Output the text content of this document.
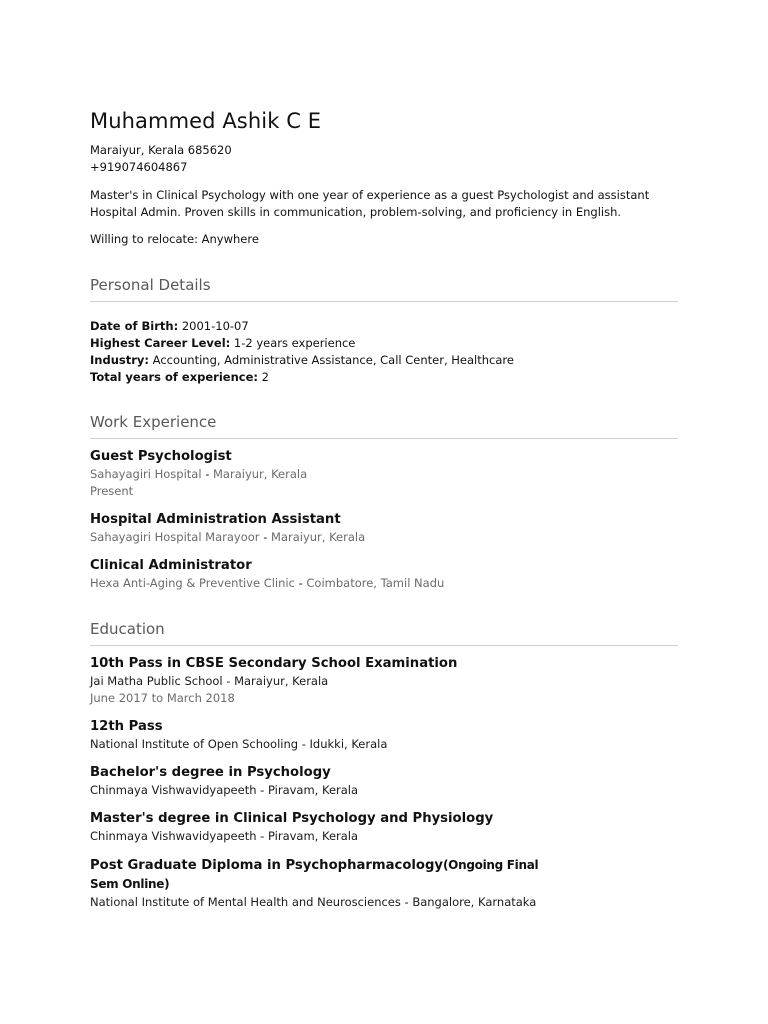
Muhammed Ashik C E
Maraiyur, Kerala 685620
+919074604867
Master's in Clinical Psychology with one year of experience as a guest Psychologist and assistant Hospital Admin. Proven skills in communication, problem-solving, and proficiency in English.
Willing to relocate: Anywhere
Personal Details
Date of Birth: 2001-10-07
Highest Career Level: 1-2 years experience
Industry: Accounting, Administrative Assistance, Call Center, Healthcare
Total years of experience: 2
Work Experience
Guest Psychologist
Sahayagiri Hospital - Maraiyur, Kerala
Present
Hospital Administration Assistant
Sahayagiri Hospital Marayoor - Maraiyur, Kerala
Clinical Administrator
Hexa Anti-Aging & Preventive Clinic - Coimbatore, Tamil Nadu
Education
10th Pass in CBSE Secondary School Examination
Jai Matha Public School - Maraiyur, Kerala
June 2017 to March 2018
12th Pass
National Institute of Open Schooling - Idukki, Kerala
Bachelor's degree in Psychology
Chinmaya Vishwavidyapeeth - Piravam, Kerala
Master's degree in Clinical Psychology and Physiology
Chinmaya Vishwavidyapeeth - Piravam, Kerala
Post Graduate Diploma in Psychopharmacology(Ongoing Final Sem Online)
National Institute of Mental Health and Neurosciences - Bangalore, Karnataka
